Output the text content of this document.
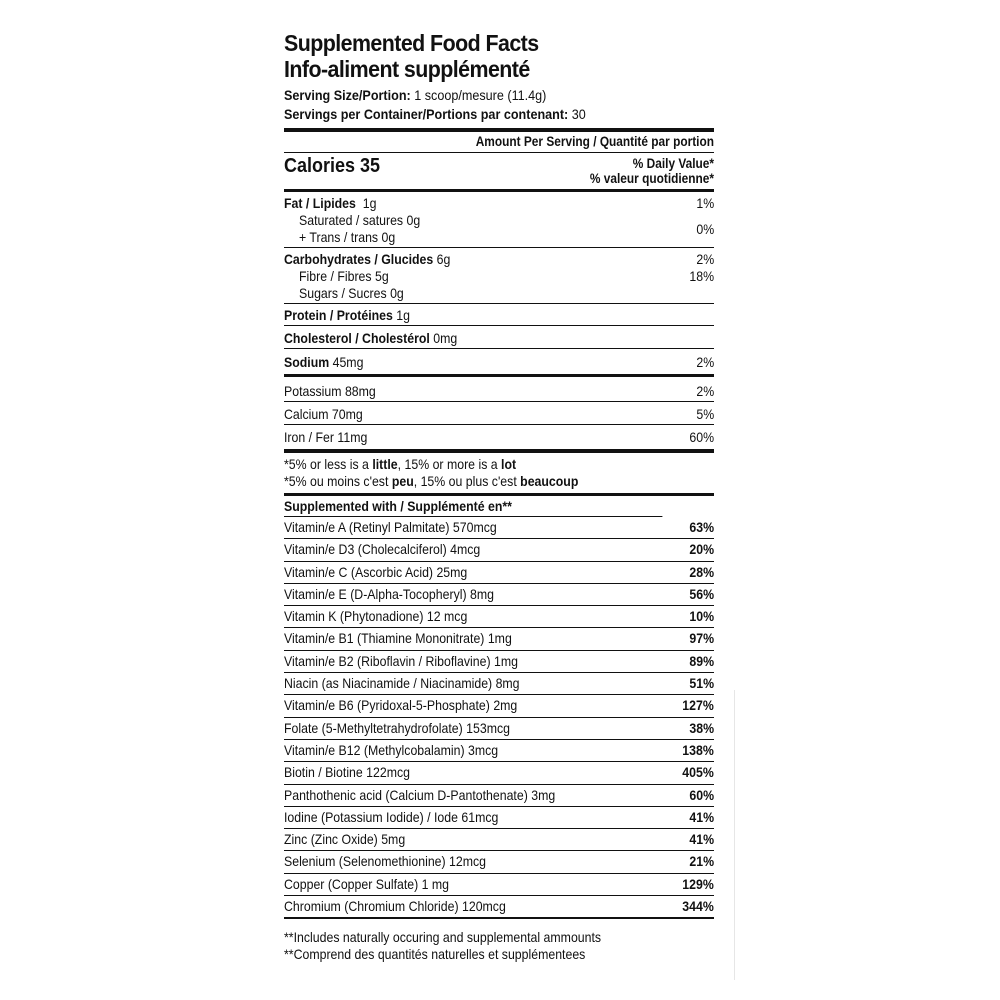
Supplemented Food Facts
Info-aliment supplémenté
Serving Size/Portion: 1 scoop/mesure (11.4g)
Servings per Container/Portions par contenant: 30
Amount Per Serving / Quantité par portion
Calories 35	% Daily Value*
% valeur quotidienne*
Fat / Lipides 1g	1%
Saturated / satures 0g
+ Trans / trans 0g	0%
Carbohydrates / Glucides 6g	2%
Fibre / Fibres 5g	18%
Sugars / Sucres 0g
Protein / Protéines 1g
Cholesterol / Cholestérol 0mg
Sodium 45mg	2%
Potassium 88mg	2%
Calcium 70mg	5%
Iron / Fer 11mg	60%
*5% or less is a little, 15% or more is a lot
*5% ou moins c'est peu, 15% ou plus c'est beaucoup
Supplemented with / Supplémenté en**
Vitamin/e A (Retinyl Palmitate) 570mcg	63%
Vitamin/e D3 (Cholecalciferol) 4mcg	20%
Vitamin/e C (Ascorbic Acid) 25mg	28%
Vitamin/e E (D-Alpha-Tocopheryl) 8mg	56%
Vitamin K (Phytonadione) 12 mcg	10%
Vitamin/e B1 (Thiamine Mononitrate) 1mg	97%
Vitamin/e B2 (Riboflavin / Riboflavine) 1mg	89%
Niacin (as Niacinamide / Niacinamide) 8mg	51%
Vitamin/e B6 (Pyridoxal-5-Phosphate) 2mg	127%
Folate (5-Methyltetrahydrofolate) 153mcg	38%
Vitamin/e B12 (Methylcobalamin) 3mcg	138%
Biotin / Biotine 122mcg	405%
Panthothenic acid (Calcium D-Pantothenate) 3mg	60%
Iodine (Potassium Iodide) / Iode 61mcg	41%
Zinc (Zinc Oxide) 5mg	41%
Selenium (Selenomethionine) 12mcg	21%
Copper (Copper Sulfate) 1 mg	129%
Chromium (Chromium Chloride) 120mcg	344%
**Includes naturally occuring and supplemental ammounts
**Comprend des quantités naturelles et supplémentees
